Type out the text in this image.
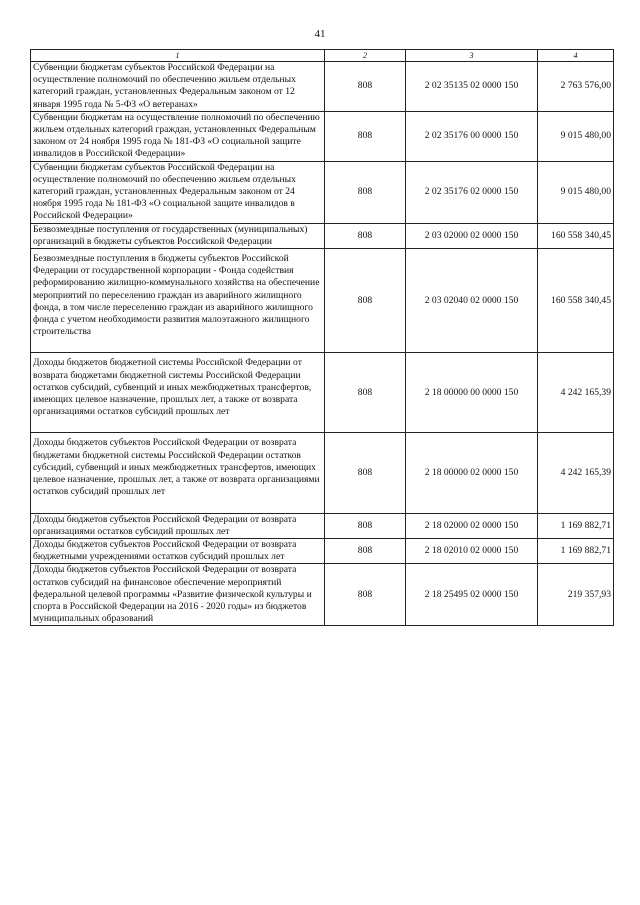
41
1	2	3	4
Субвенции бюджетам субъектов Российской Федерации на осуществление полномочий по обеспечению жильем отдельных категорий граждан, установленных Федеральным законом от 12 января 1995 года № 5-ФЗ «О ветеранах»	808	2 02 35135 02 0000 150	2 763 576,00
Субвенции бюджетам на осуществление полномочий по обеспечению жильем отдельных категорий граждан, установленных Федеральным законом от 24 ноября 1995 года № 181-ФЗ «О социальной защите инвалидов в Российской Федерации»	808	2 02 35176 00 0000 150	9 015 480,00
Субвенции бюджетам субъектов Российской Федерации на осуществление полномочий по обеспечению жильем отдельных категорий граждан, установленных Федеральным законом от 24 ноября 1995 года № 181-ФЗ «О социальной защите инвалидов в Российской Федерации»	808	2 02 35176 02 0000 150	9 015 480,00
Безвозмездные поступления от государственных (муниципальных) организаций в бюджеты субъектов Российской Федерации	808	2 03 02000 02 0000 150	160 558 340,45
Безвозмездные поступления в бюджеты субъектов Российской Федерации от государственной корпорации - Фонда содействия реформированию жилищно-коммунального хозяйства на обеспечение мероприятий по переселению граждан из аварийного жилищного фонда, в том числе переселению граждан из аварийного жилищного фонда с учетом необходимости развития малоэтажного жилищного строительства	808	2 03 02040 02 0000 150	160 558 340,45
Доходы бюджетов бюджетной системы Российской Федерации от возврата бюджетами бюджетной системы Российской Федерации остатков субсидий, субвенций и иных межбюджетных трансфертов, имеющих целевое назначение, прошлых лет, а также от возврата организациями остатков субсидий прошлых лет	808	2 18 00000 00 0000 150	4 242 165,39
Доходы бюджетов субъектов Российской Федерации от возврата бюджетами бюджетной системы Российской Федерации остатков субсидий, субвенций и иных межбюджетных трансфертов, имеющих целевое назначение, прошлых лет, а также от возврата организациями остатков субсидий прошлых лет	808	2 18 00000 02 0000 150	4 242 165,39
Доходы бюджетов субъектов Российской Федерации от возврата организациями остатков субсидий прошлых лет	808	2 18 02000 02 0000 150	1 169 882,71
Доходы бюджетов субъектов Российской Федерации от возврата бюджетными учреждениями остатков субсидий прошлых лет	808	2 18 02010 02 0000 150	1 169 882,71
Доходы бюджетов субъектов Российской Федерации от возврата остатков субсидий на финансовое обеспечение мероприятий федеральной целевой программы «Развитие физической культуры и спорта в Российской Федерации на 2016 - 2020 годы» из бюджетов муниципальных образований	808	2 18 25495 02 0000 150	219 357,93
